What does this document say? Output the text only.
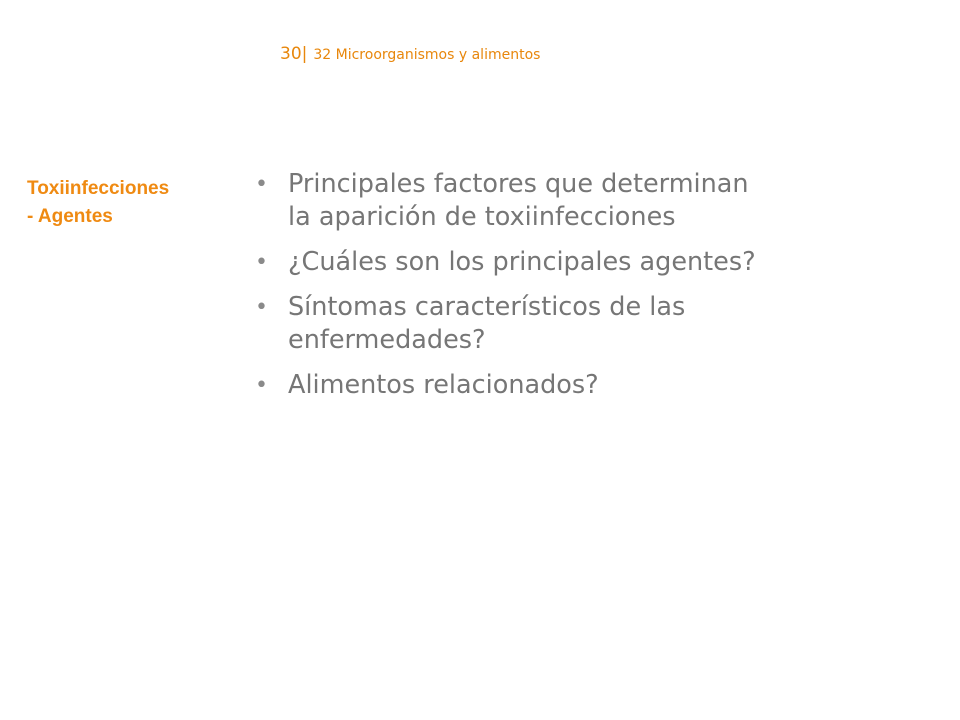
30| 32 Microorganismos y alimentos
Toxiinfecciones
- Agentes
• Principales factores que determinan
la aparición de toxiinfecciones
• ¿Cuáles son los principales agentes?
• Síntomas característicos de las
enfermedades?
• Alimentos relacionados?
